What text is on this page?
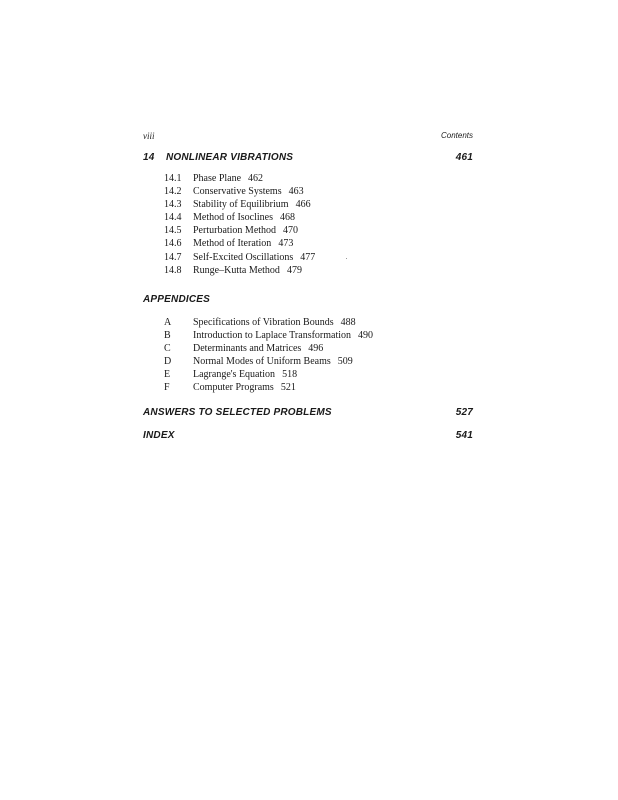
viii	Contents
14 NONLINEAR VIBRATIONS	461
14.1 Phase Plane 462
14.2 Conservative Systems 463
14.3 Stability of Equilibrium 466
14.4 Method of Isoclines 468
14.5 Perturbation Method 470
14.6 Method of Iteration 473
14.7 Self-Excited Oscillations 477
14.8 Runge–Kutta Method 479
APPENDICES
A Specifications of Vibration Bounds 488
B Introduction to Laplace Transformation 490
C Determinants and Matrices 496
D Normal Modes of Uniform Beams 509
E Lagrange's Equation 518
F Computer Programs 521
ANSWERS TO SELECTED PROBLEMS	527
INDEX	541
